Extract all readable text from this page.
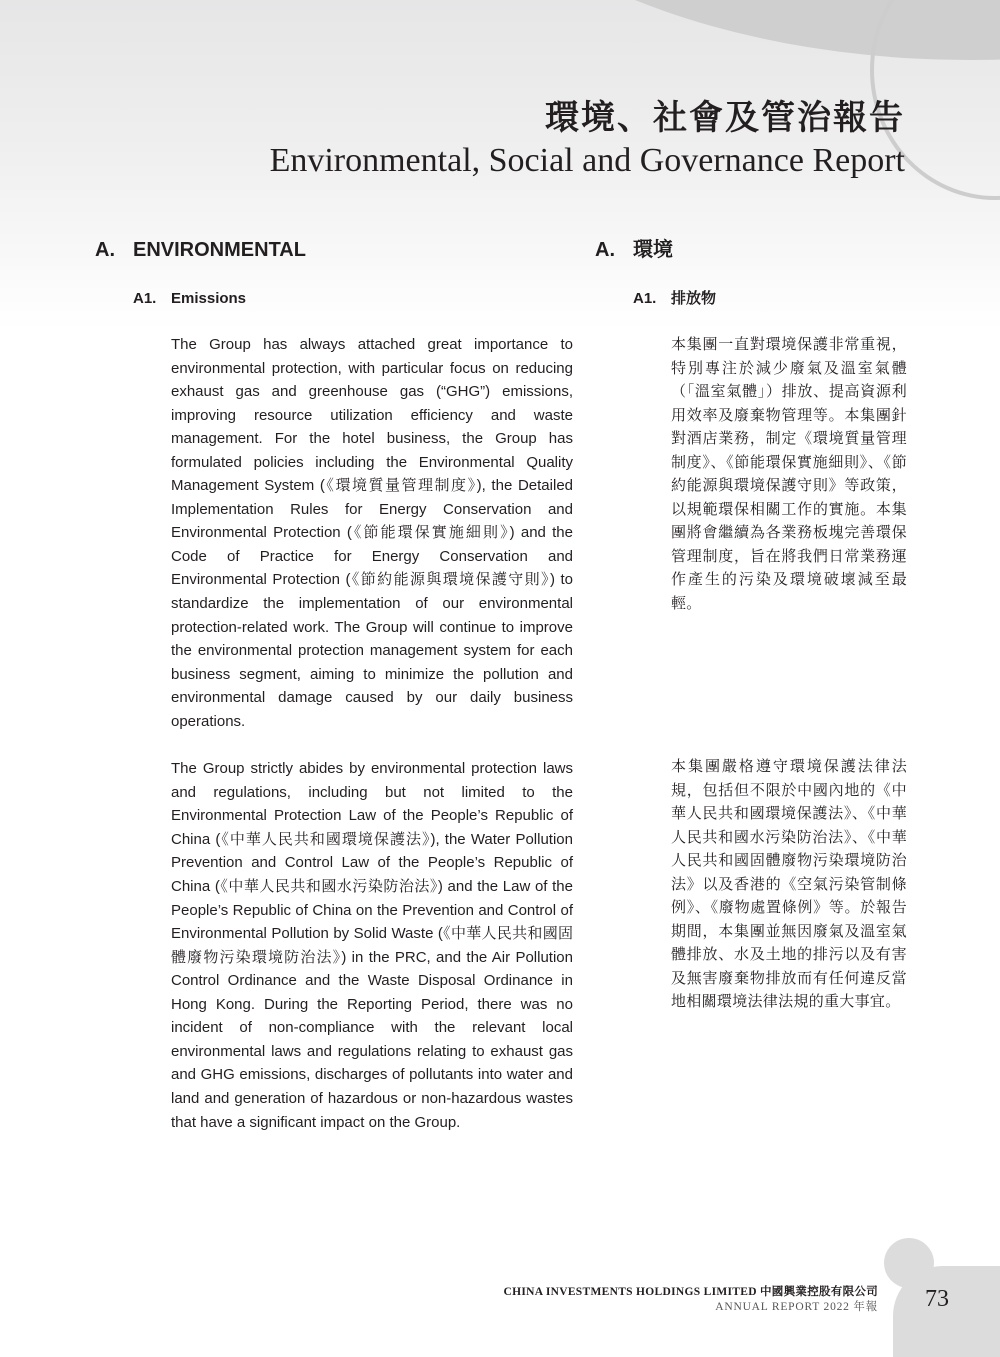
環境、社會及管治報告
Environmental, Social and Governance Report
A. ENVIRONMENTAL
A1. Emissions

The Group has always attached great importance to environmental protection, with particular focus on reducing exhaust gas and greenhouse gas (“GHG”) emissions, improving resource utilization efficiency and waste management. For the hotel business, the Group has formulated policies including the Environmental Quality Management System (《環境質量管理制度》), the Detailed Implementation Rules for Energy Conservation and Environmental Protection (《節能環保實施細則》) and the Code of Practice for Energy Conservation and Environmental Protection (《節約能源與環境保護守則》) to standardize the implementation of our environmental protection-related work. The Group will continue to improve the environmental protection management system for each business segment, aiming to minimize the pollution and environmental damage caused by our daily business operations.

The Group strictly abides by environmental protection laws and regulations, including but not limited to the Environmental Protection Law of the People’s Republic of China (《中華人民共和國環境保護法》), the Water Pollution Prevention and Control Law of the People’s Republic of China (《中華人民共和國水污染防治法》) and the Law of the People’s Republic of China on the Prevention and Control of Environmental Pollution by Solid Waste (《中華人民共和國固體廢物污染環境防治法》) in the PRC, and the Air Pollution Control Ordinance and the Waste Disposal Ordinance in Hong Kong. During the Reporting Period, there was no incident of non-compliance with the relevant local environmental laws and regulations relating to exhaust gas and GHG emissions, discharges of pollutants into water and land and generation of hazardous or non-hazardous wastes that have a significant impact on the Group.

A. 環境
A1. 排放物

本集團一直對環境保護非常重視，特別專注於減少廢氣及溫室氣體（「溫室氣體」）排放、提高資源利用效率及廢棄物管理等。本集團針對酒店業務，制定《環境質量管理制度》、《節能環保實施細則》、《節約能源與環境保護守則》等政策，以規範環保相關工作的實施。本集團將會繼續為各業務板塊完善環保管理制度，旨在將我們日常業務運作產生的污染及環境破壞減至最輕。

本集團嚴格遵守環境保護法律法規，包括但不限於中國內地的《中華人民共和國環境保護法》、《中華人民共和國水污染防治法》、《中華人民共和國固體廢物污染環境防治法》以及香港的《空氣污染管制條例》、《廢物處置條例》等。於報告期間，本集團並無因廢氣及溫室氣體排放、水及土地的排污以及有害及無害廢棄物排放而有任何違反當地相關環境法律法規的重大事宜。

CHINA INVESTMENTS HOLDINGS LIMITED 中國興業控股有限公司
ANNUAL REPORT 2022 年報	73
